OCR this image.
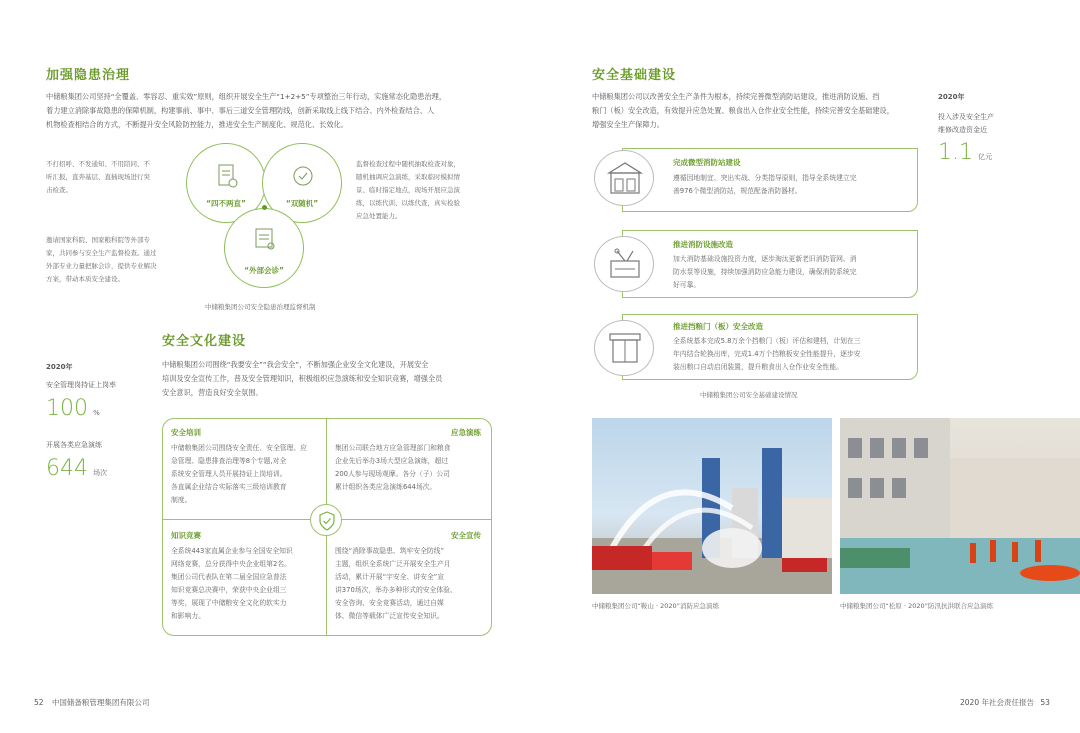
加强隐患治理
中储粮集团公司坚持“全覆盖、零容忍、重实效”原则，组织开展安全生产“1+2+5”专项整治三年行动，实施常态化隐患治理，
着力建立消除事故隐患的保障机制，构建事前、事中、事后三道安全管理防线，创新采取线上线下结合、内外检查结合、人
机物检查相结合的方式，不断提升安全风险防控能力，推进安全生产制度化、规范化、长效化。
不打招呼、不发通知、不用陪同、不
听汇报，直奔基层、直插现场进行突
击检查。
邀请国家科院、国家粮科院等外部专
家，共同参与安全生产监督检查。通过
外部专业力量把脉会诊，提供专业解决
方案，带动本质安全建设。
监督检查过程中随机抽取检查对象，
随机抽调应急演练，采取临时模拟情
景、临时指定地点，现场开展应急演
练，以练代训、以练代查，真实检验
应急处置能力。
“四不两直”	“双随机”
“外部会诊”
中储粮集团公司安全隐患治理监督机制
安全文化建设
中储粮集团公司围绕“我要安全”“我会安全”，不断加强企业安全文化建设，开展安全
培训及安全宣传工作，普及安全管理知识，积极组织应急演练和安全知识竞赛，增强全员
安全意识，营造良好安全氛围。
2020年
安全管理岗持证上岗率
100 %
开展各类应急演练
644 场次
安全培训
中储粮集团公司围绕安全责任、安全管理、应
急管理、隐患排查治理等8个专题,对全
系统安全管理人员开展持证上岗培训。
各直属企业结合实际落实三级培训教育
制度。
应急演练
集团公司联合地方应急管理部门和粮食
企业先后举办3场大型应急演练，超过
200人参与现场观摩。各分（子）公司
累计组织各类应急演练644场次。
知识竞赛
全系统443家直属企业参与全国安全知识
网络竞赛，总分获得中央企业组第2名。
集团公司代表队在第二届全国应急普法
知识竞赛总决赛中，荣获中央企业组三
等奖，展现了中储粮安全文化的软实力
和影响力。
安全宣传
围绕“消除事故隐患、筑牢安全防线”
主题，组织全系统广泛开展安全生产月
活动，累计开展“宇安全、讲安全”宣
讲370场次，举办多种形式的安全体验、
安全咨询、安全竞赛活动，通过自媒
体、微信等载体广泛宣传安全知识。
52 中国储备粮管理集团有限公司
安全基础建设
中储粮集团公司以改善安全生产条件为根本，持续完善微型消防站建设，推进消防设施、挡
粮门（板）安全改造，有效提升应急处置、粮食出入仓作业安全性能，持续完善安全基础建设，
增强安全生产保障力。
2020年
投入涉及安全生产
维修改造资金近
1.1 亿元
完成微型消防站建设
遵循因地制宜、突出实战、分类指导原则，指导全系统建立完
善976个微型消防站，规范配备消防器材。
推进消防设施改造
加大消防基础设施投资力度，逐步淘汰更新老旧消防管网、消
防水泵等设施，持续加强消防应急能力建设，确保消防系统完
好可靠。
推进挡粮门（板）安全改造
全系统基本完成5.8万余个挡粮门（板）评估和建档，计划在三
年内结合轮换出库，完成1.4万个挡粮板安全性能提升，逐步安
装出粮口自动启闭装置，提升粮食出入仓作业安全性能。
中储粮集团公司安全基础建设情况
中储粮集团公司“鞍山 · 2020”消防应急演练	中储粮集团公司“松原 · 2020”防汛抗洪联合应急演练
2020 年社会责任报告 53
